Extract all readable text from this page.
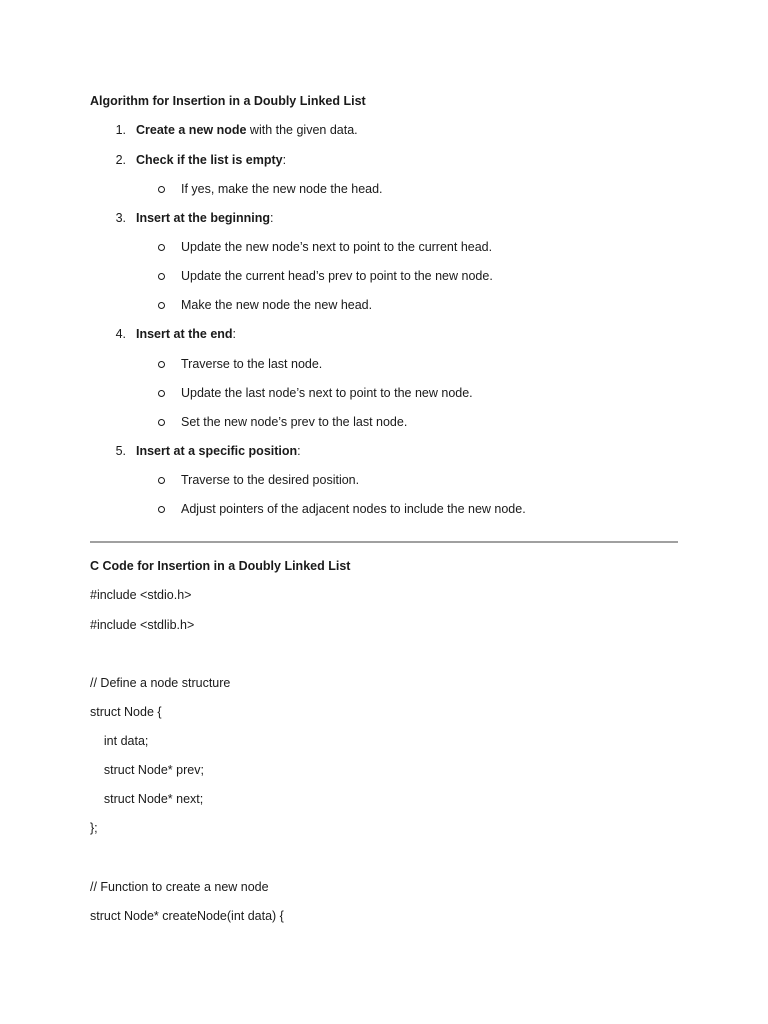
Algorithm for Insertion in a Doubly Linked List
1. Create a new node with the given data.
2. Check if the list is empty:
If yes, make the new node the head.
3. Insert at the beginning:
Update the new node’s next to point to the current head.
Update the current head’s prev to point to the new node.
Make the new node the new head.
4. Insert at the end:
Traverse to the last node.
Update the last node’s next to point to the new node.
Set the new node’s prev to the last node.
5. Insert at a specific position:
Traverse to the desired position.
Adjust pointers of the adjacent nodes to include the new node.
C Code for Insertion in a Doubly Linked List
#include <stdio.h>
#include <stdlib.h>
// Define a node structure
struct Node {
int data;
struct Node* prev;
struct Node* next;
};
// Function to create a new node
struct Node* createNode(int data) {
